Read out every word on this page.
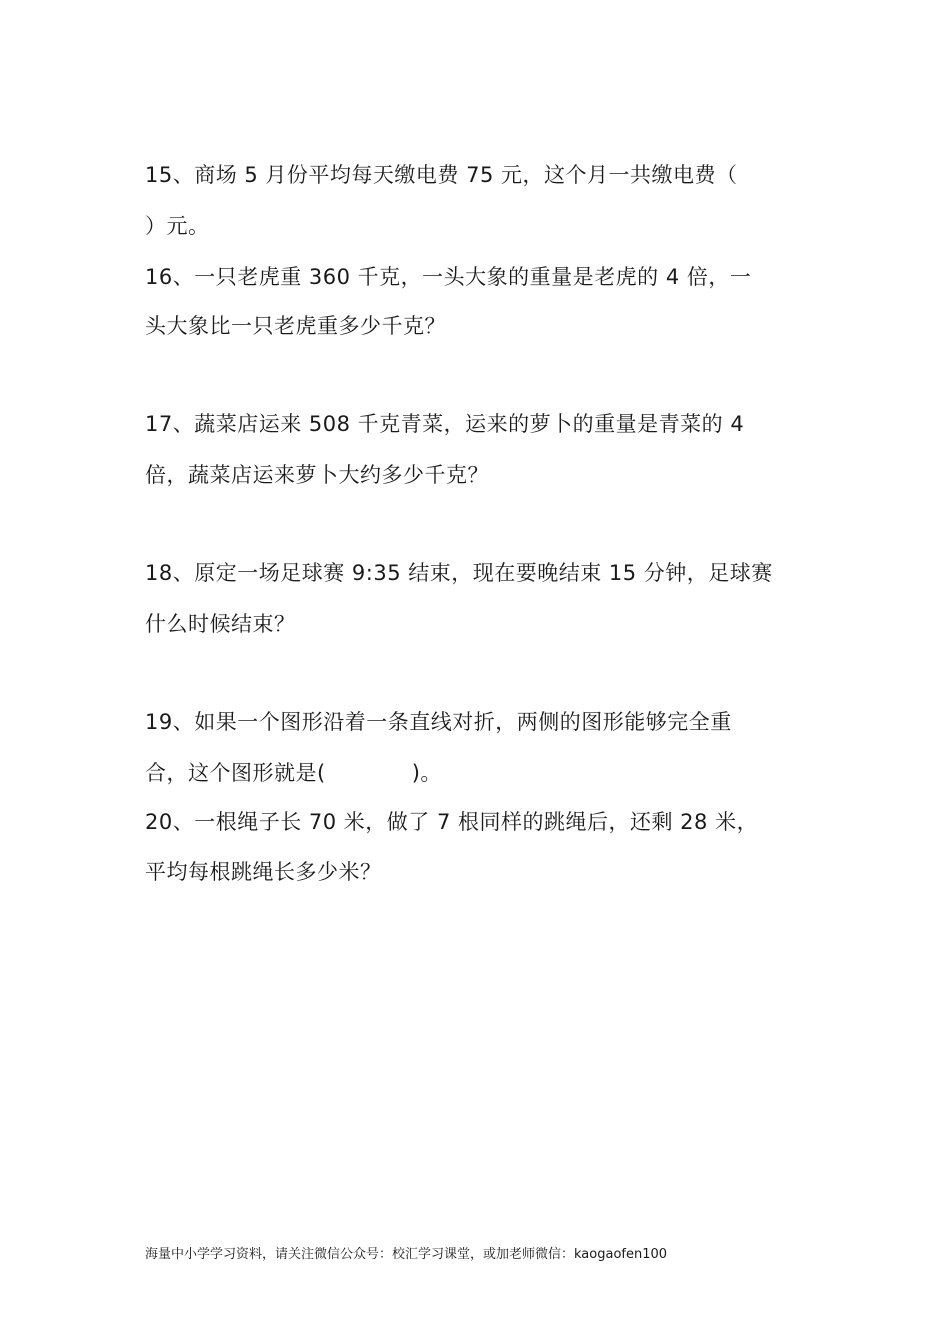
15、商场 5 月份平均每天缴电费 75 元，这个月一共缴电费（
）元。
16、一只老虎重 360 千克，一头大象的重量是老虎的 4 倍，一
头大象比一只老虎重多少千克？
17、蔬菜店运来 508 千克青菜，运来的萝卜的重量是青菜的 4
倍，蔬菜店运来萝卜大约多少千克？
18、原定一场足球赛 9:35 结束，现在要晚结束 15 分钟，足球赛
什么时候结束？
19、如果一个图形沿着一条直线对折，两侧的图形能够完全重
合，这个图形就是(　　　　)。
20、一根绳子长 70 米，做了 7 根同样的跳绳后，还剩 28 米，
平均每根跳绳长多少米？
海量中小学学习资料，请关注微信公众号：校汇学习课堂，或加老师微信：kaogaofen100
